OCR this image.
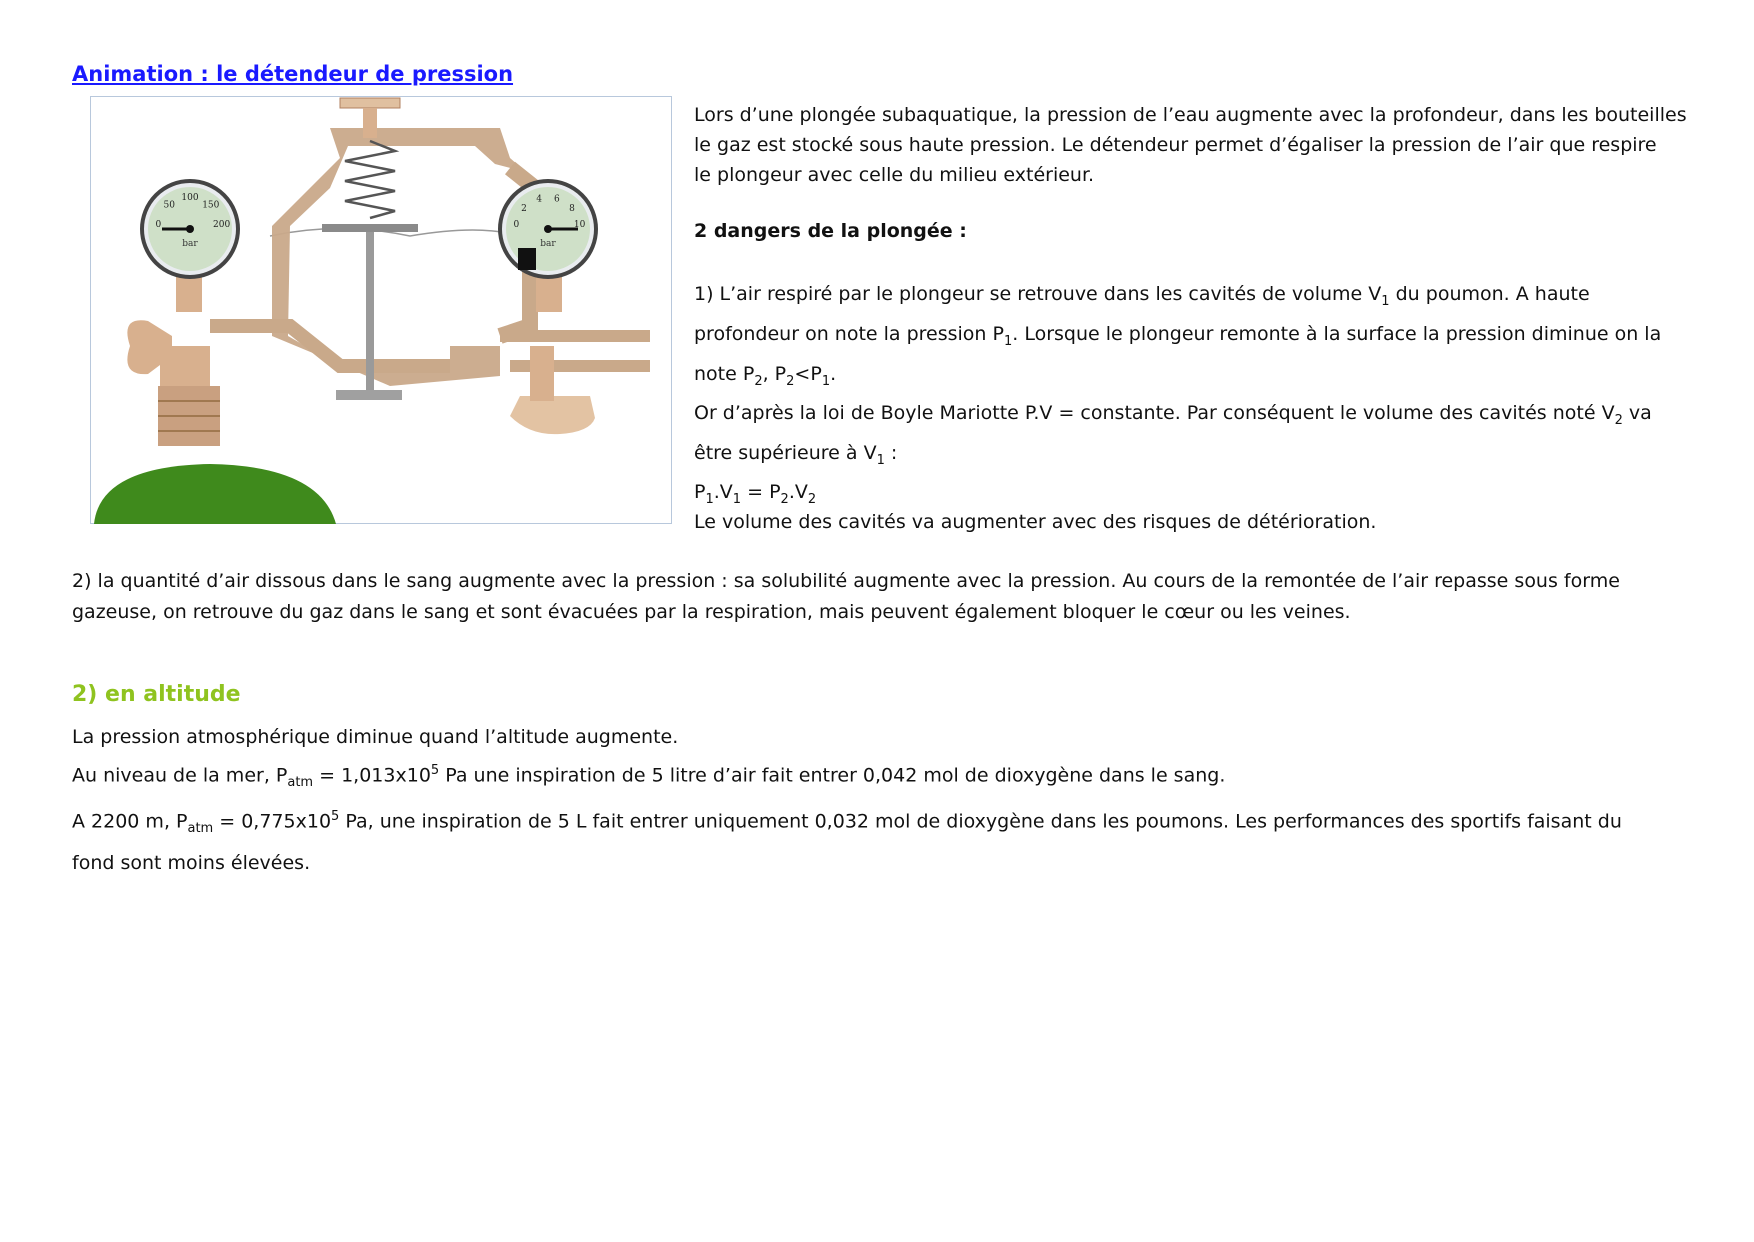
Animation : le détendeur de pression
bar	bar
0
50
100
150
200	0
2
4 6
8
10

Lors d’une plongée subaquatique, la pression de l’eau augmente avec la profondeur, dans les bouteilles
le gaz est stocké sous haute pression. Le détendeur permet d’égaliser la pression de l’air que respire
le plongeur avec celle du milieu extérieur.

2 dangers de la plongée :

1) L’air respiré par le plongeur se retrouve dans les cavités de volume $V_1$ du poumon. A haute
profondeur on note la pression $P_1$. Lorsque le plongeur remonte à la surface la pression diminue on la
note $P_2$, $P_2<P_1$.
Or d’après la loi de Boyle Mariotte P.V = constante. Par conséquent le volume des cavités noté $V_2$ va
être supérieure à $V_1$ :

$P_1.V_1 = P_2.V_2$

Le volume des cavités va augmenter avec des risques de détérioration.

2) la quantité d’air dissous dans le sang augmente avec la pression : sa solubilité augmente avec la pression. Au cours de la remontée de l’air repasse sous forme
gazeuse, on retrouve du gaz dans le sang et sont évacuées par la respiration, mais peuvent également bloquer le cœur ou les veines.

2) en altitude

La pression atmosphérique diminue quand l’altitude augmente.
Au niveau de la mer, $P_{atm} = 1,013x10^5$ Pa une inspiration de 5 litre d’air fait entrer 0,042 mol de dioxygène dans le sang.
A 2200 m, $P_{atm} = 0,775x10^5$ Pa, une inspiration de 5 L fait entrer uniquement 0,032 mol de dioxygène dans les poumons. Les performances des sportifs faisant du
fond sont moins élevées.
